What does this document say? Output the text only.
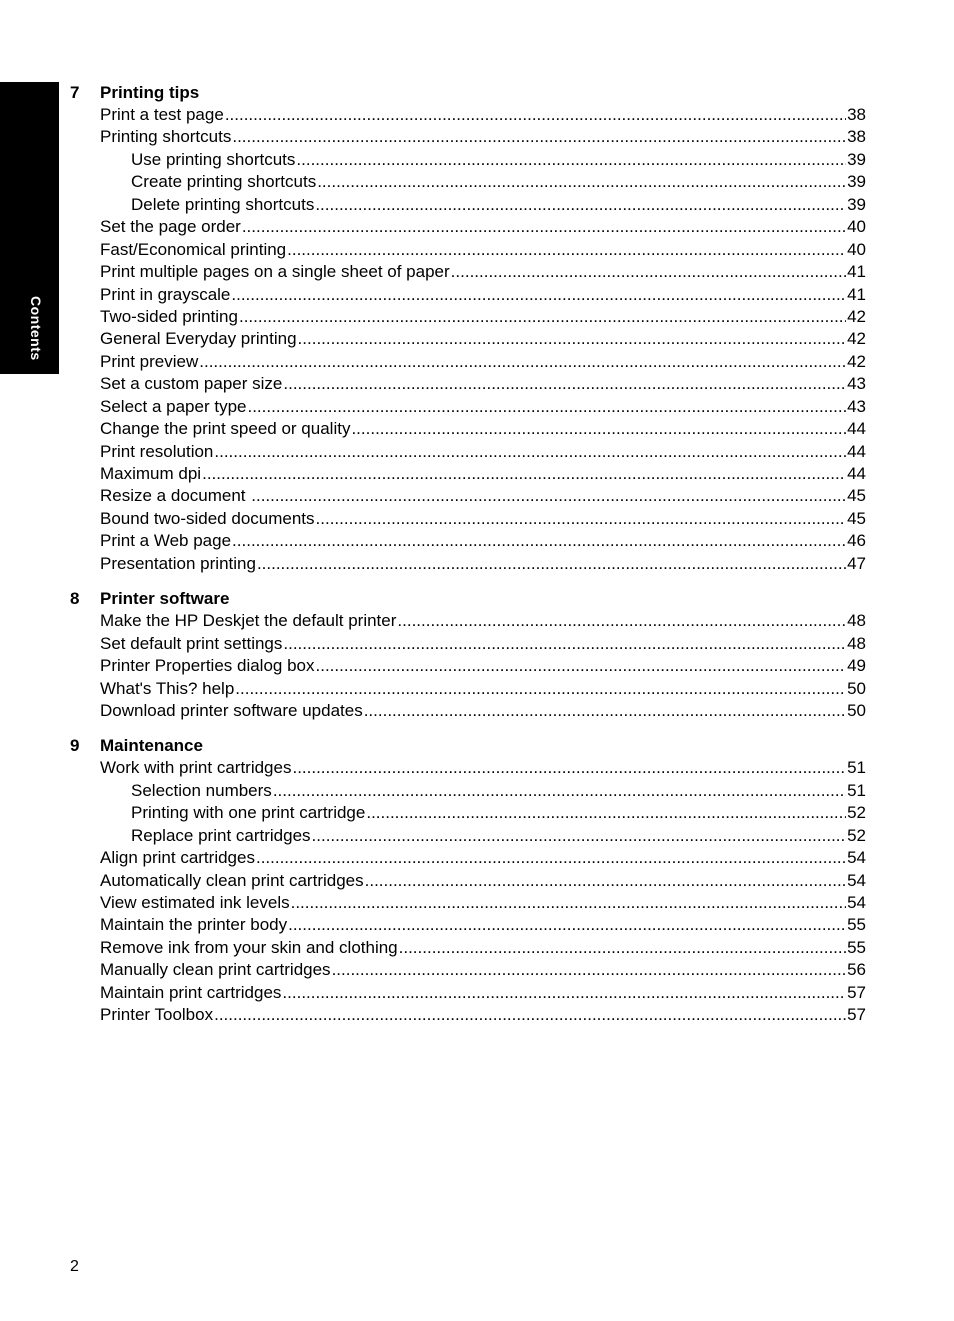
Contents
7	Printing tips
Print a test page .....	38
Printing shortcuts .....	38
Use printing shortcuts .....	39
Create printing shortcuts .....	39
Delete printing shortcuts .....	39
Set the page order .....	40
Fast/Economical printing .....	40
Print multiple pages on a single sheet of paper .....	41
Print in grayscale .....	41
Two-sided printing .....	42
General Everyday printing .....	42
Print preview .....	42
Set a custom paper size .....	43
Select a paper type .....	43
Change the print speed or quality .....	44
Print resolution .....	44
Maximum dpi .....	44
Resize a document .....	45
Bound two-sided documents .....	45
Print a Web page .....	46
Presentation printing .....	47
8	Printer software
Make the HP Deskjet the default printer .....	48
Set default print settings .....	48
Printer Properties dialog box .....	49
What's This? help .....	50
Download printer software updates .....	50
9	Maintenance
Work with print cartridges .....	51
Selection numbers .....	51
Printing with one print cartridge .....	52
Replace print cartridges .....	52
Align print cartridges .....	54
Automatically clean print cartridges .....	54
View estimated ink levels .....	54
Maintain the printer body .....	55
Remove ink from your skin and clothing .....	55
Manually clean print cartridges .....	56
Maintain print cartridges .....	57
Printer Toolbox .....	57
2
